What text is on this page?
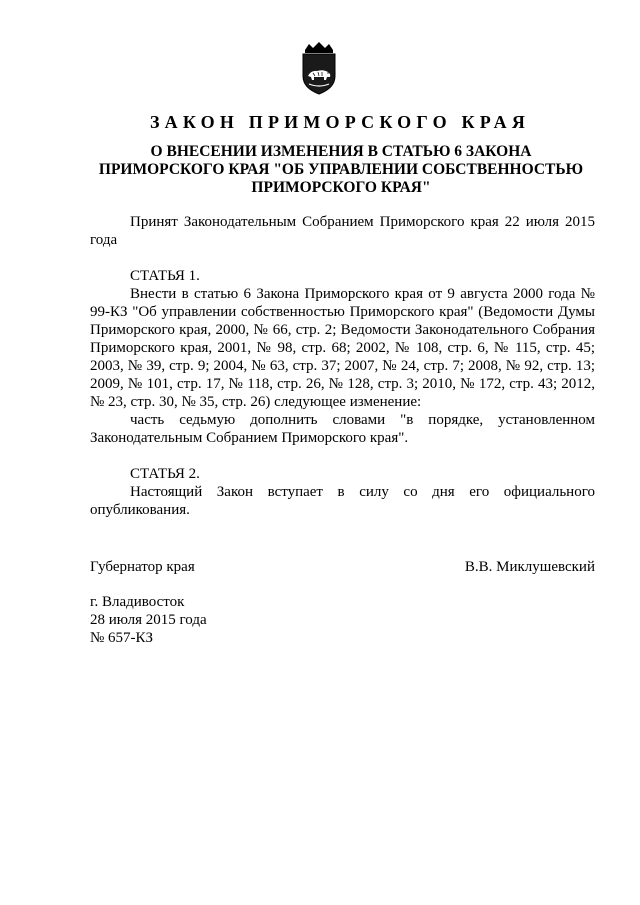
ЗАКОН ПРИМОРСКОГО КРАЯ
О ВНЕСЕНИИ ИЗМЕНЕНИЯ В СТАТЬЮ 6 ЗАКОНА
ПРИМОРСКОГО КРАЯ "ОБ УПРАВЛЕНИИ СОБСТВЕННОСТЬЮ
ПРИМОРСКОГО КРАЯ"

Принят Законодательным Собранием Приморского края 22 июля 2015 года

СТАТЬЯ 1.

Внести в статью 6 Закона Приморского края от 9 августа 2000 года № 99-КЗ "Об управлении собственностью Приморского края" (Ведомости Думы Приморского края, 2000, № 66, стр. 2; Ведомости Законодательного Собрания Приморского края, 2001, № 98, стр. 68; 2002, № 108, стр. 6, № 115, стр. 45; 2003, № 39, стр. 9; 2004, № 63, стр. 37; 2007, № 24, стр. 7; 2008, № 92, стр. 13; 2009, № 101, стр. 17, № 118, стр. 26, № 128, стр. 3; 2010, № 172, стр. 43; 2012, № 23, стр. 30, № 35, стр. 26) следующее изменение:

часть седьмую дополнить словами "в порядке, установленном Законодательным Собранием Приморского края".

СТАТЬЯ 2.

Настоящий Закон вступает в силу со дня его официального опубликования.

Губернатор края	В.В. Миклушевский
г. Владивосток
28 июля 2015 года
№ 657-КЗ
